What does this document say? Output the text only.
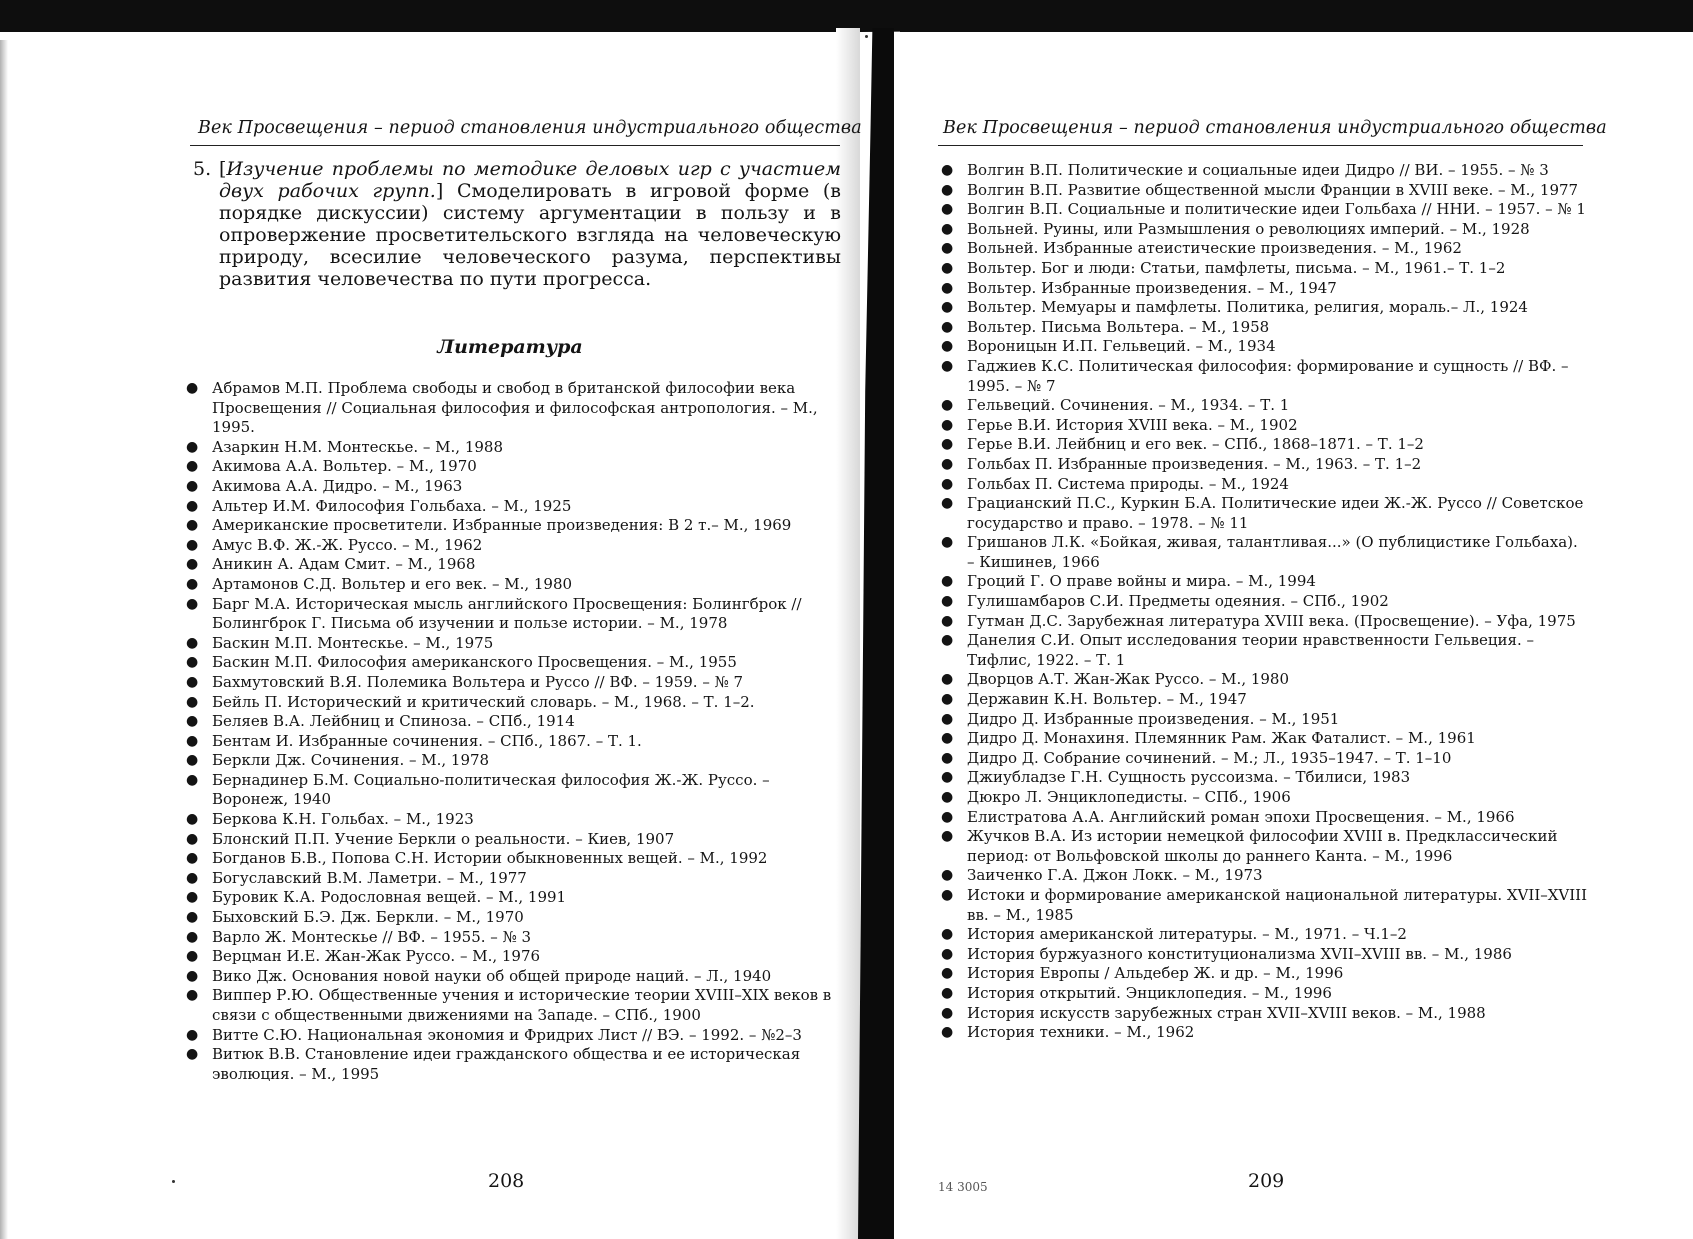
Век Просвещения – период становления индустриального общества
5. [Изучение проблемы по методике деловых игр с участием двух рабочих групп.] Смоделировать в игровой форме (в порядке дискуссии) систему аргументации в пользу и в опровержение просветительского взгляда на человеческую природу, всесилие человеческого разума, перспективы развития человечества по пути прогресса.
Литература
● Абрамов М.П. Проблема свободы и свобод в британской философии века Просвещения // Социальная философия и философская антропология. – М., 1995.
● Азаркин Н.М. Монтескье. – М., 1988
● Акимова А.А. Вольтер. – М., 1970
● Акимова А.А. Дидро. – М., 1963
● Альтер И.М. Философия Гольбаха. – М., 1925
● Американские просветители. Избранные произведения: В 2 т.– М., 1969
● Амус В.Ф. Ж.-Ж. Руссо. – М., 1962
● Аникин А. Адам Смит. – М., 1968
● Артамонов С.Д. Вольтер и его век. – М., 1980
● Барг М.А. Историческая мысль английского Просвещения: Болингброк // Болингброк Г. Письма об изучении и пользе истории. – М., 1978
● Баскин М.П. Монтескье. – М., 1975
● Баскин М.П. Философия американского Просвещения. – М., 1955
● Бахмутовский В.Я. Полемика Вольтера и Руссо // ВФ. – 1959. – № 7
● Бейль П. Исторический и критический словарь. – М., 1968. – Т. 1–2.
● Беляев В.А. Лейбниц и Спиноза. – СПб., 1914
● Бентам И. Избранные сочинения. – СПб., 1867. – Т. 1.
● Беркли Дж. Сочинения. – М., 1978
● Бернадинер Б.М. Социально-политическая философия Ж.-Ж. Руссо. – Воронеж, 1940
● Беркова К.Н. Гольбах. – М., 1923
● Блонский П.П. Учение Беркли о реальности. – Киев, 1907
● Богданов Б.В., Попова С.Н. Истории обыкновенных вещей. – М., 1992
● Богуславский В.М. Ламетри. – М., 1977
● Буровик К.А. Родословная вещей. – М., 1991
● Быховский Б.Э. Дж. Беркли. – М., 1970
● Варло Ж. Монтескье // ВФ. – 1955. – № 3
● Верцман И.Е. Жан-Жак Руссо. – М., 1976
● Вико Дж. Основания новой науки об общей природе наций. – Л., 1940
● Виппер Р.Ю. Общественные учения и исторические теории XVIII–XIX веков в связи с общественными движениями на Западе. – СПб., 1900
● Витте С.Ю. Национальная экономия и Фридрих Лист // ВЭ. – 1992. – №2–3
● Витюк В.В. Становление идеи гражданского общества и ее историческая эволюция. – М., 1995
208
Век Просвещения – период становления индустриального общества
● Волгин В.П. Политические и социальные идеи Дидро // ВИ. – 1955. – № 3
● Волгин В.П. Развитие общественной мысли Франции в XVIII веке. – М., 1977
● Волгин В.П. Социальные и политические идеи Гольбаха // ННИ. – 1957. – № 1
● Вольней. Руины, или Размышления о революциях империй. – М., 1928
● Вольней. Избранные атеистические произведения. – М., 1962
● Вольтер. Бог и люди: Статьи, памфлеты, письма. – М., 1961.– Т. 1–2
● Вольтер. Избранные произведения. – М., 1947
● Вольтер. Мемуары и памфлеты. Политика, религия, мораль.– Л., 1924
● Вольтер. Письма Вольтера. – М., 1958
● Вороницын И.П. Гельвеций. – М., 1934
● Гаджиев К.С. Политическая философия: формирование и сущность // ВФ. – 1995. – № 7
● Гельвеций. Сочинения. – М., 1934. – Т. 1
● Герье В.И. История XVIII века. – М., 1902
● Герье В.И. Лейбниц и его век. – СПб., 1868–1871. – Т. 1–2
● Гольбах П. Избранные произведения. – М., 1963. – Т. 1–2
● Гольбах П. Система природы. – М., 1924
● Грацианский П.С., Куркин Б.А. Политические идеи Ж.-Ж. Руссо // Советское государство и право. – 1978. – № 11
● Гришанов Л.К. «Бойкая, живая, талантливая...» (О публицистике Гольбаха). – Кишинев, 1966
● Гроций Г. О праве войны и мира. – М., 1994
● Гулишамбаров С.И. Предметы одеяния. – СПб., 1902
● Гутман Д.С. Зарубежная литература XVIII века. (Просвещение). – Уфа, 1975
● Данелия С.И. Опыт исследования теории нравственности Гельвеция. – Тифлис, 1922. – Т. 1
● Дворцов А.Т. Жан-Жак Руссо. – М., 1980
● Державин К.Н. Вольтер. – М., 1947
● Дидро Д. Избранные произведения. – М., 1951
● Дидро Д. Монахиня. Племянник Рам. Жак Фаталист. – М., 1961
● Дидро Д. Собрание сочинений. – М.; Л., 1935–1947. – Т. 1–10
● Джиубладзе Г.Н. Сущность руссоизма. – Тбилиси, 1983
● Дюкро Л. Энциклопедисты. – СПб., 1906
● Елистратова А.А. Английский роман эпохи Просвещения. – М., 1966
● Жучков В.А. Из истории немецкой философии XVIII в. Предклассический период: от Вольфовской школы до раннего Канта. – М., 1996
● Заиченко Г.А. Джон Локк. – М., 1973
● Истоки и формирование американской национальной литературы. XVII–XVIII вв. – М., 1985
● История американской литературы. – М., 1971. – Ч.1–2
● История буржуазного конституционализма XVII–XVIII вв. – М., 1986
● История Европы / Альдебер Ж. и др. – М., 1996
● История открытий. Энциклопедия. – М., 1996
● История искусств зарубежных стран XVII–XVIII веков. – М., 1988
● История техники. – М., 1962
14 3005	209
